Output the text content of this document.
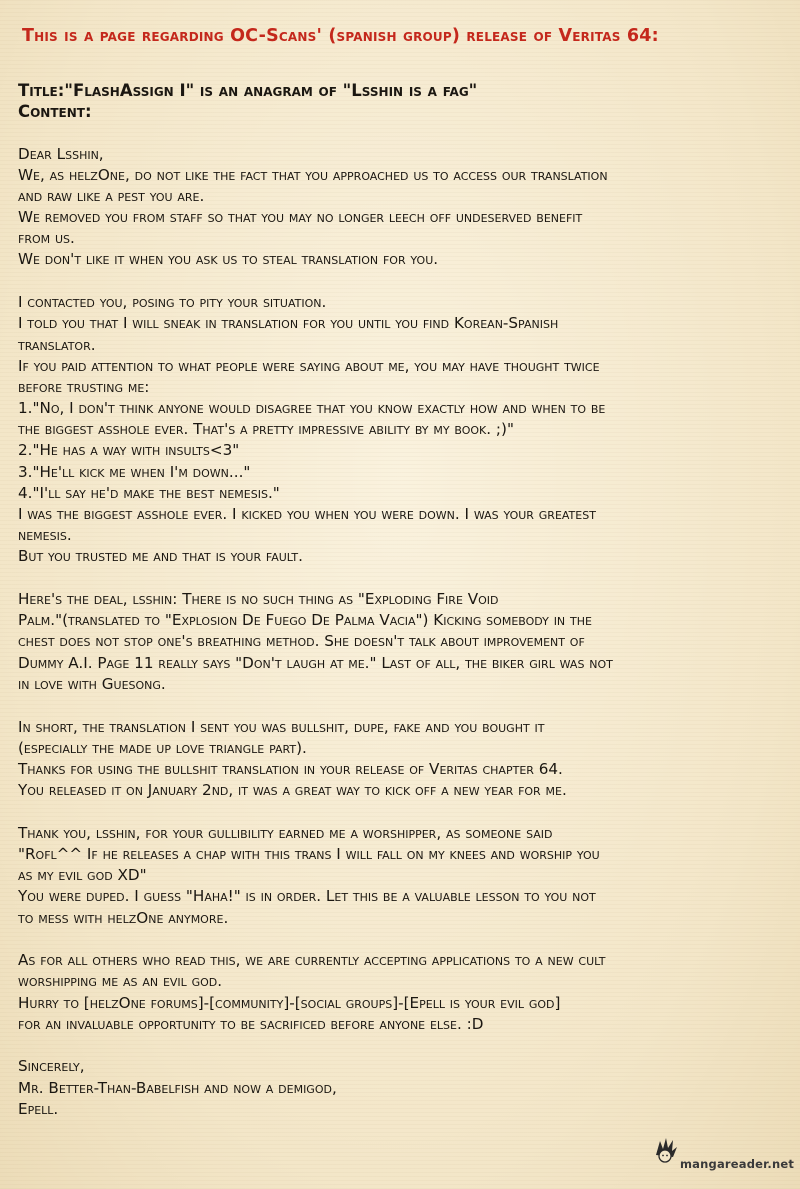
This is a page regarding OC-Scans' (spanish group) release of Veritas 64:
Title:"FlashAssign I" is an anagram of "Lsshin is a fag"
Content:
Dear Lsshin,
We, as helzOne, do not like the fact that you approached us to access our translation
and raw like a pest you are.
We removed you from staff so that you may no longer leech off undeserved benefit
from us.
We don't like it when you ask us to steal translation for you.
I contacted you, posing to pity your situation.
I told you that I will sneak in translation for you until you find Korean-Spanish
translator.
If you paid attention to what people were saying about me, you may have thought twice
before trusting me:
1."No, I don't think anyone would disagree that you know exactly how and when to be
the biggest asshole ever. That's a pretty impressive ability by my book. ;)"
2."He has a way with insults<3"
3."He'll kick me when I'm down..."
4."I'll say he'd make the best nemesis."
I was the biggest asshole ever. I kicked you when you were down. I was your greatest
nemesis.
But you trusted me and that is your fault.
Here's the deal, lsshin: There is no such thing as "Exploding Fire Void
Palm."(translated to "Explosion De Fuego De Palma Vacia") Kicking somebody in the
chest does not stop one's breathing method. She doesn't talk about improvement of
Dummy A.I. Page 11 really says "Don't laugh at me." Last of all, the biker girl was not
in love with Guesong.
In short, the translation I sent you was bullshit, dupe, fake and you bought it
(especially the made up love triangle part).
Thanks for using the bullshit translation in your release of Veritas chapter 64.
You released it on January 2nd, it was a great way to kick off a new year for me.
Thank you, lsshin, for your gullibility earned me a worshipper, as someone said
"Rofl^^ If he releases a chap with this trans I will fall on my knees and worship you
as my evil god XD"
You were duped. I guess "Haha!" is in order. Let this be a valuable lesson to you not
to mess with helzOne anymore.
As for all others who read this, we are currently accepting applications to a new cult
worshipping me as an evil god.
Hurry to [helzOne forums]-[community]-[social groups]-[Epell is your evil god]
for an invaluable opportunity to be sacrificed before anyone else. :D
Sincerely,
Mr. Better-Than-Babelfish and now a demigod,
Epell.
mangareader.net
